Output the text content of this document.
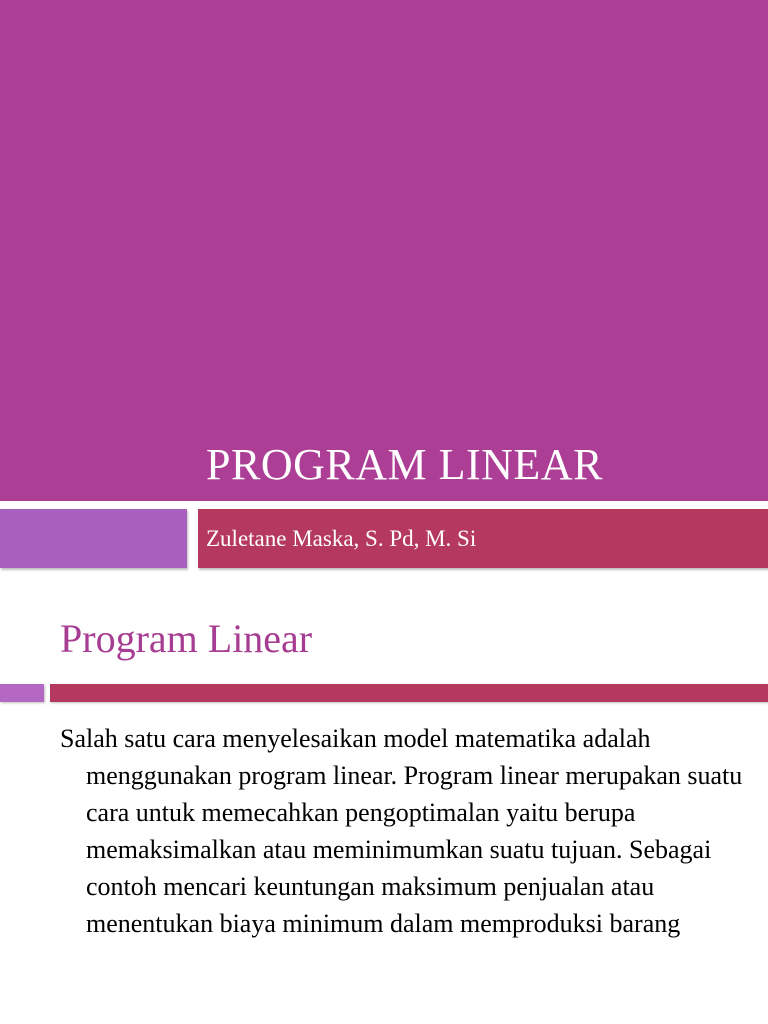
PROGRAM LINEAR
Zuletane Maska, S. Pd, M. Si
Program Linear

Salah satu cara menyelesaikan model matematika adalah menggunakan program linear. Program linear merupakan suatu cara untuk memecahkan pengoptimalan yaitu berupa memaksimalkan atau meminimumkan suatu tujuan. Sebagai contoh mencari keuntungan maksimum penjualan atau menentukan biaya minimum dalam memproduksi barang
